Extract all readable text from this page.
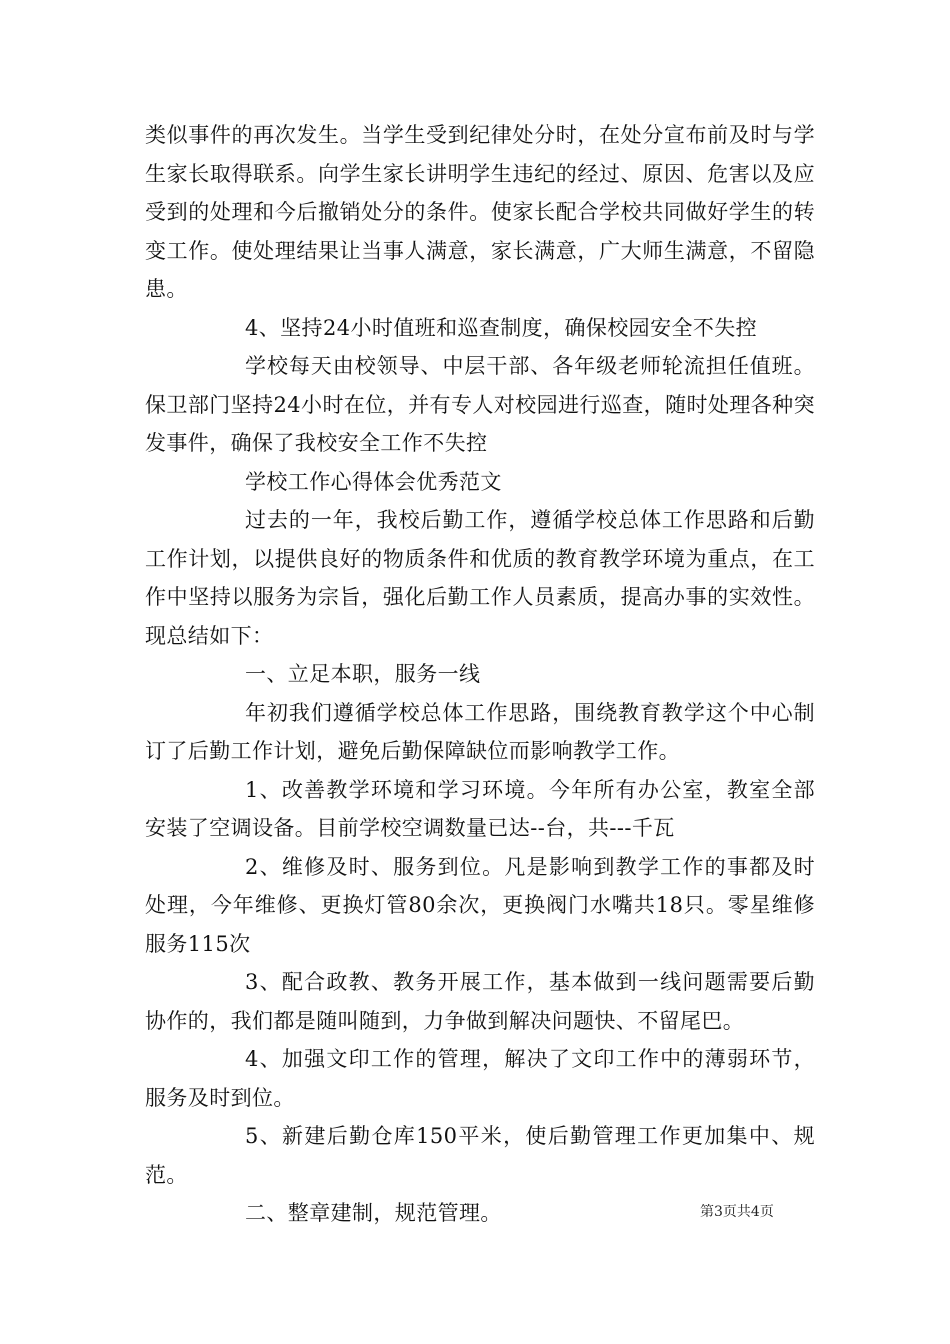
类似事件的再次发生。当学生受到纪律处分时，在处分宣布前及时与学生家长取得联系。向学生家长讲明学生违纪的经过、原因、危害以及应受到的处理和今后撤销处分的条件。使家长配合学校共同做好学生的转变工作。使处理结果让当事人满意，家长满意，广大师生满意，不留隐患。

4、坚持24小时值班和巡查制度，确保校园安全不失控

学校每天由校领导、中层干部、各年级老师轮流担任值班。保卫部门坚持24小时在位，并有专人对校园进行巡查，随时处理各种突发事件，确保了我校安全工作不失控

学校工作心得体会优秀范文

过去的一年，我校后勤工作，遵循学校总体工作思路和后勤工作计划，以提供良好的物质条件和优质的教育教学环境为重点，在工作中坚持以服务为宗旨，强化后勤工作人员素质，提高办事的实效性。现总结如下：

一、立足本职，服务一线

年初我们遵循学校总体工作思路，围绕教育教学这个中心制订了后勤工作计划，避免后勤保障缺位而影响教学工作。

1、改善教学环境和学习环境。今年所有办公室，教室全部安装了空调设备。目前学校空调数量已达--台，共---千瓦

2、维修及时、服务到位。凡是影响到教学工作的事都及时处理，今年维修、更换灯管80余次，更换阀门水嘴共18只。零星维修服务115次

3、配合政教、教务开展工作，基本做到一线问题需要后勤协作的，我们都是随叫随到，力争做到解决问题快、不留尾巴。

4、加强文印工作的管理，解决了文印工作中的薄弱环节，服务及时到位。

5、新建后勤仓库150平米，使后勤管理工作更加集中、规范。

二、整章建制，规范管理。	第3页共4页
